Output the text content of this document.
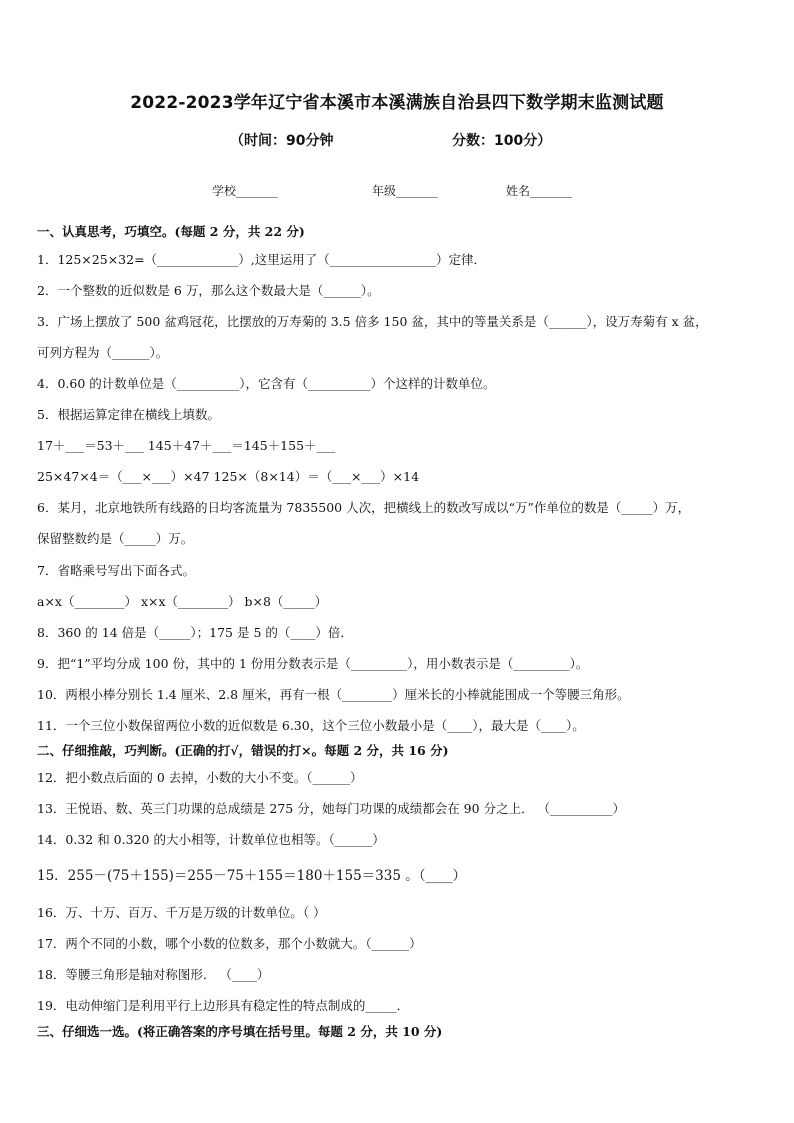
2022-2023学年辽宁省本溪市本溪满族自治县四下数学期末监测试题
（时间：90分钟	分数：100分）
学校_______	年级_______	姓名_______
一、认真思考，巧填空。(每题 2 分，共 22 分)
1．125×25×32=（_____________）,这里运用了（_________________）定律．
2．一个整数的近似数是 6 万，那么这个数最大是（______）。
3．广场上摆放了 500 盆鸡冠花，比摆放的万寿菊的 3.5 倍多 150 盆，其中的等量关系是（______），设万寿菊有 x 盆，
可列方程为（______）。
4．0.60 的计数单位是（__________），它含有（__________）个这样的计数单位。
5．根据运算定律在横线上填数。
17＋___＝53＋___ 145＋47＋___＝145＋155＋___
25×47×4＝（___×___）×47 125×（8×14）＝（___×___）×14
6．某月，北京地铁所有线路的日均客流量为 7835500 人次，把横线上的数改写成以“万”作单位的数是（_____）万，
保留整数约是（_____）万。
7．省略乘号写出下面各式。
a×x（________） x×x（________） b×8（_____）
8．360 的 14 倍是（_____）；175 是 5 的（____）倍．
9．把“1”平均分成 100 份，其中的 1 份用分数表示是（_________），用小数表示是（_________）。
10．两根小棒分别长 1.4 厘米、2.8 厘米，再有一根（________）厘米长的小棒就能围成一个等腰三角形。
11．一个三位小数保留两位小数的近似数是 6.30，这个三位小数最小是（____），最大是（____）。
二、仔细推敲，巧判断。(正确的打√，错误的打×。每题 2 分，共 16 分)
12．把小数点后面的 0 去掉，小数的大小不变。（______）
13．王悦语、数、英三门功课的总成绩是 275 分，她每门功课的成绩都会在 90 分之上． （__________）
14．0.32 和 0.320 的大小相等，计数单位也相等。（______）
15．255－(75＋155)＝255－75＋155＝180＋155＝335 。（____）
16．万、十万、百万、千万是万级的计数单位。（ ）
17．两个不同的小数，哪个小数的位数多，那个小数就大。（______）
18．等腰三角形是轴对称图形． （____）
19．电动伸缩门是利用平行上边形具有稳定性的特点制成的_____．
三、仔细选一选。(将正确答案的序号填在括号里。每题 2 分，共 10 分)
